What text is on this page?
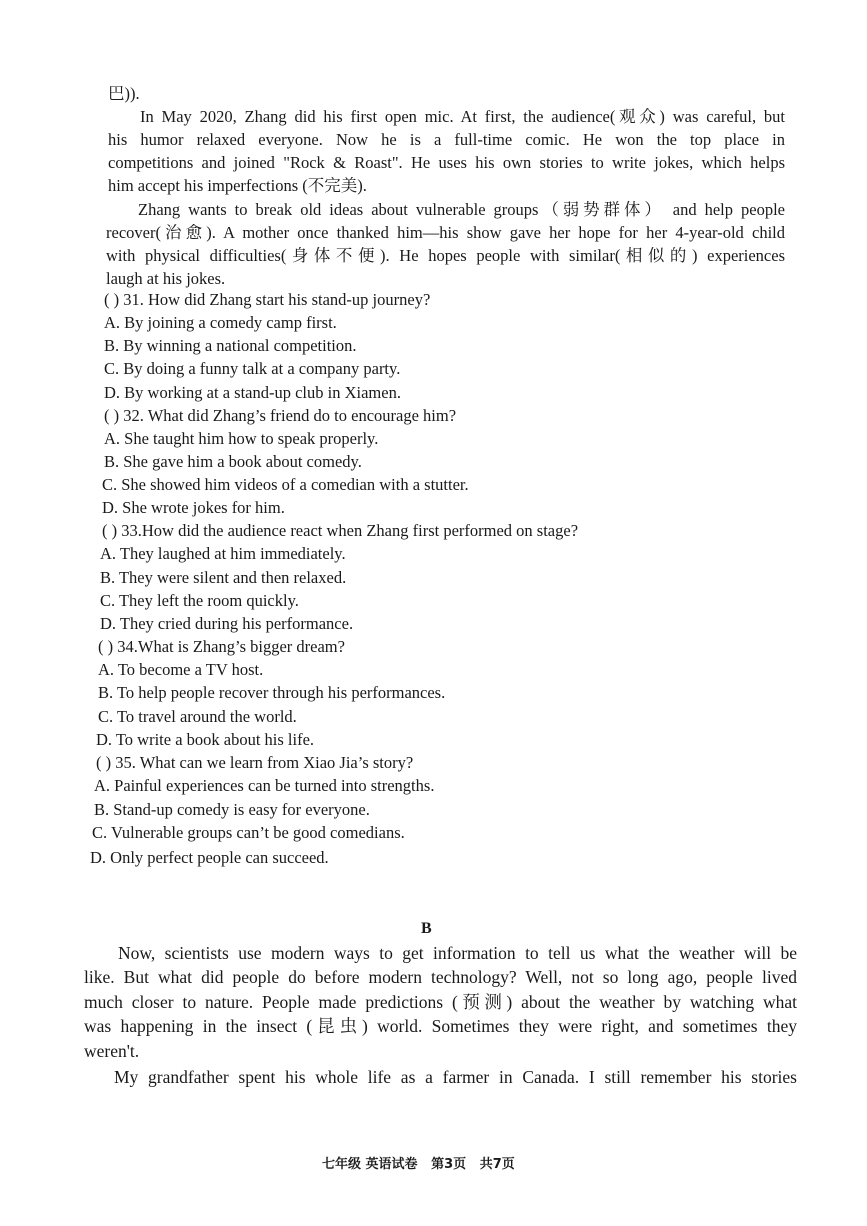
巴)).
In May 2020, Zhang did his first open mic. At first, the audience(观众) was careful, but
his humor relaxed everyone. Now he is a full-time comic. He won the top place in
competitions and joined "Rock & Roast". He uses his own stories to write jokes, which helps
him accept his imperfections (不完美).
Zhang wants to break old ideas about vulnerable groups（弱势群体） and help people
recover(治愈). A mother once thanked him—his show gave her hope for her 4-year-old child
with physical difficulties(身体不便). He hopes people with similar(相似的) experiences
laugh at his jokes.
( ) 31. How did Zhang start his stand-up journey?
A. By joining a comedy camp first.
B. By winning a national competition.
C. By doing a funny talk at a company party.
D. By working at a stand-up club in Xiamen.
( ) 32. What did Zhang’s friend do to encourage him?
A. She taught him how to speak properly.
B. She gave him a book about comedy.
C. She showed him videos of a comedian with a stutter.
D. She wrote jokes for him.
( ) 33.How did the audience react when Zhang first performed on stage?
A. They laughed at him immediately.
B. They were silent and then relaxed.
C. They left the room quickly.
D. They cried during his performance.
( ) 34.What is Zhang’s bigger dream?
A. To become a TV host.
B. To help people recover through his performances.
C. To travel around the world.
D. To write a book about his life.
( ) 35. What can we learn from Xiao Jia’s story?
A. Painful experiences can be turned into strengths.
B. Stand-up comedy is easy for everyone.
C. Vulnerable groups can’t be good comedians.
D. Only perfect people can succeed.
B
Now, scientists use modern ways to get information to tell us what the weather will be
like. But what did people do before modern technology? Well, not so long ago, people lived
much closer to nature. People made predictions (预测) about the weather by watching what
was happening in the insect (昆虫) world. Sometimes they were right, and sometimes they
weren't.
My grandfather spent his whole life as a farmer in Canada. I still remember his stories
七年级 英语试卷   第3页   共7页
